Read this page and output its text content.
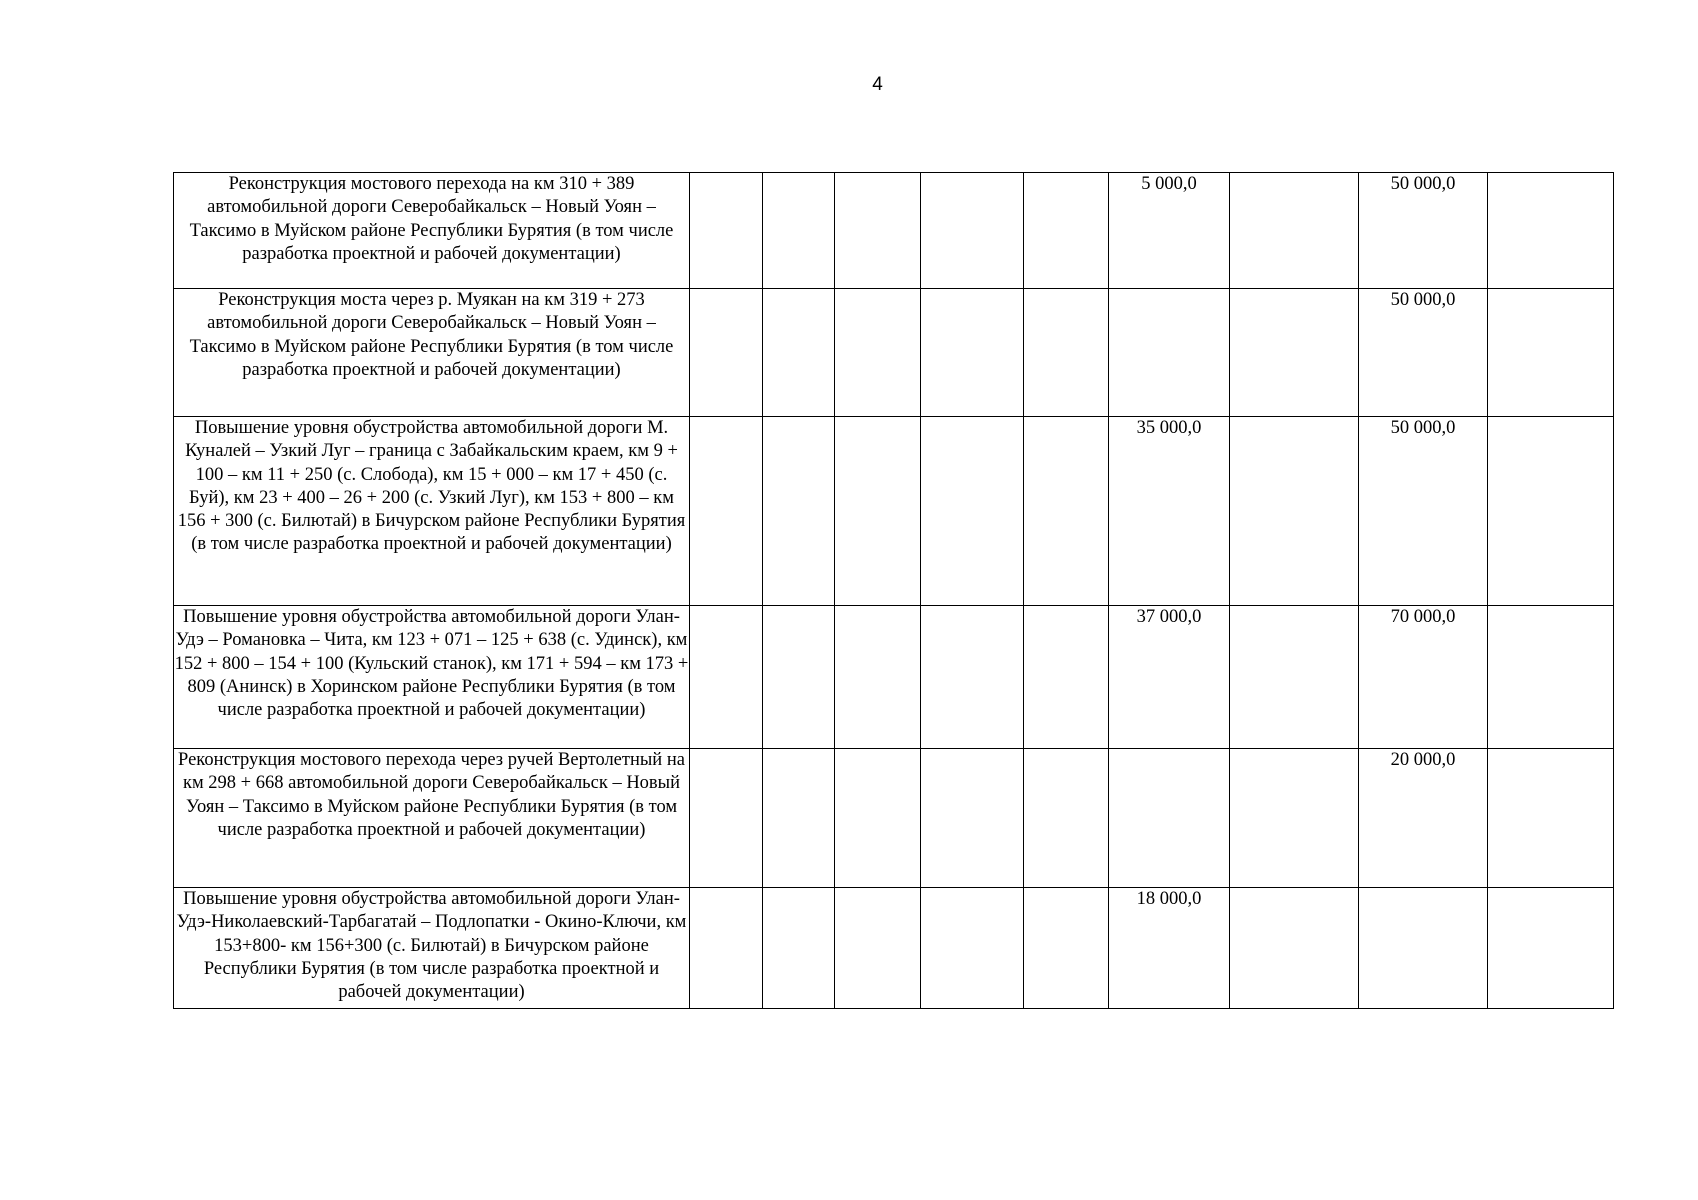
4
Реконструкция мостового перехода на км 310 + 389 автомобильной дороги Северобайкальск – Новый Уоян – Таксимо в Муйском районе Республики Бурятия (в том числе разработка проектной и рабочей документации)						5 000,0		50 000,0	
Реконструкция моста через р. Муякан на км 319 + 273 автомобильной дороги Северобайкальск – Новый Уоян – Таксимо в Муйском районе Республики Бурятия (в том числе разработка проектной и рабочей документации)								50 000,0	
Повышение уровня обустройства автомобильной дороги М. Куналей – Узкий Луг – граница с Забайкальским краем, км 9 + 100 – км 11 + 250 (с. Слобода), км 15 + 000 – км 17 + 450 (с. Буй), км 23 + 400 – 26 + 200 (с. Узкий Луг), км 153 + 800 – км 156 + 300 (с. Билютай) в Бичурском районе Республики Бурятия (в том числе разработка проектной и рабочей документации)						35 000,0		50 000,0	
Повышение уровня обустройства автомобильной дороги Улан-Удэ – Романовка – Чита, км 123 + 071 – 125 + 638 (с. Удинск), км 152 + 800 – 154 + 100 (Кульский станок), км 171 + 594 – км 173 + 809 (Анинск) в Хоринском районе Республики Бурятия (в том числе разработка проектной и рабочей документации)						37 000,0		70 000,0	
Реконструкция мостового перехода через ручей Вертолетный на км 298 + 668 автомобильной дороги Северобайкальск – Новый Уоян – Таксимо в Муйском районе Республики Бурятия (в том числе разработка проектной и рабочей документации)								20 000,0	
Повышение уровня обустройства автомобильной дороги Улан-Удэ-Николаевский-Тарбагатай – Подлопатки - Окино-Ключи, км 153+800- км 156+300 (с. Билютай) в Бичурском районе Республики Бурятия (в том числе разработка проектной и рабочей документации)						18 000,0			
